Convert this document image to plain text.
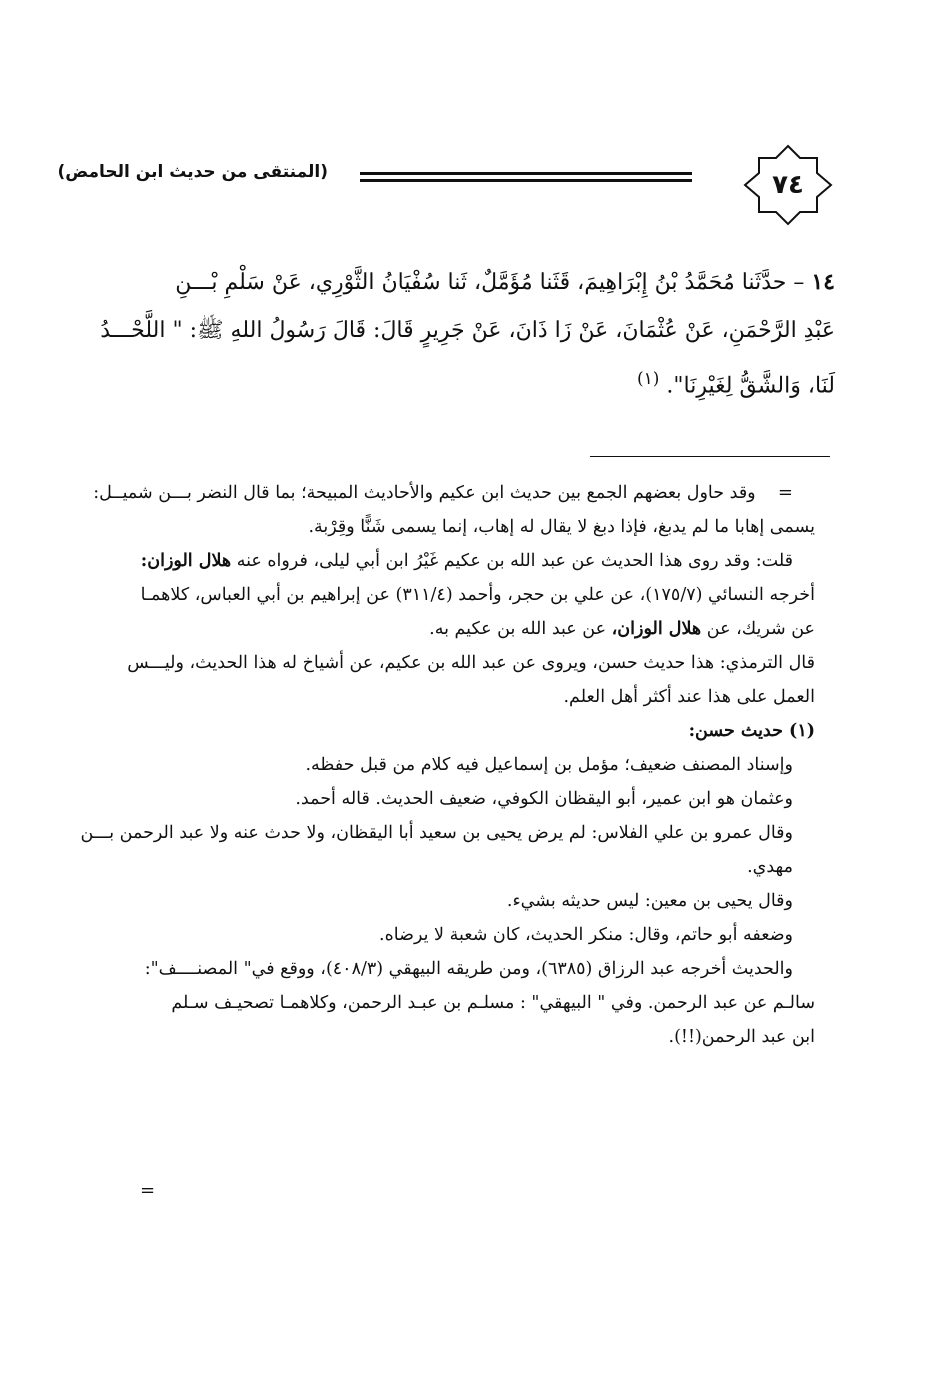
٧٤
(المنتقى من حديث ابن الحامض)
١٤ – حدَّثَنا مُحَمَّدُ بْنُ إِبْرَاهِيمَ، قَثَنا مُؤَمَّلٌ، ثَنا سُفْيَانُ الثَّوْرِي، عَنْ سَلْمِ بْـــنِ
عَبْدِ الرَّحْمَنِ، عَنْ عُثْمَانَ، عَنْ زَا ذَانَ، عَنْ جَرِيرٍ قَالَ: قَالَ رَسُولُ اللهِ ﷺ: " اللَّحْـــدُ
لَنَا، وَالشَّقُّ لِغَيْرِنَا". $^{(١)}$

=    وقد حاول بعضهم الجمع بين حديث ابن عكيم والأحاديث المبيحة؛ بما قال النضر بـــن شميــل:

يسمى إهابا ما لم يدبغ، فإذا دبغ لا يقال له إهاب، إنما يسمى شَنًّا وقِرْبة.

قلت: وقد روى هذا الحديث عن عبد الله بن عكيم غَيْرُ ابن أبي ليلى، فرواه عنه هلال الوزان:

أخرجه النسائي (١٧٥/٧)، عن علي بن حجر، وأحمد (٣١١/٤) عن إبراهيم بن أبي العباس، كلاهمـا

عن شريك، عن هلال الوزان، عن عبد الله بن عكيم به.

قال الترمذي: هذا حديث حسن، ويروى عن عبد الله بن عكيم، عن أشياخ له هذا الحديث، وليـــس

العمل على هذا عند أكثر أهل العلم.

(١) حديث حسن:

وإسناد المصنف ضعيف؛ مؤمل بن إسماعيل فيه كلام من قبل حفظه.

وعثمان هو ابن عمير، أبو اليقظان الكوفي، ضعيف الحديث. قاله أحمد.

وقال عمرو بن علي الفلاس: لم يرض يحيى بن سعيد أبا اليقظان، ولا حدث عنه ولا عبد الرحمن بـــن

مهدي.

وقال يحيى بن معين: ليس حديثه بشيء.

وضعفه أبو حاتم، وقال: منكر الحديث، كان شعبة لا يرضاه.

والحديث أخرجه عبد الرزاق (٦٣٨٥)، ومن طريقه البيهقي (٤٠٨/٣)، ووقع في" المصنــــف":

سالـم عن عبد الرحمن. وفي " البيهقي" : مسلـم بن عبـد الرحمن، وكلاهمـا تصحيـف سـلم

ابن عبد الرحمن(!!).

=
